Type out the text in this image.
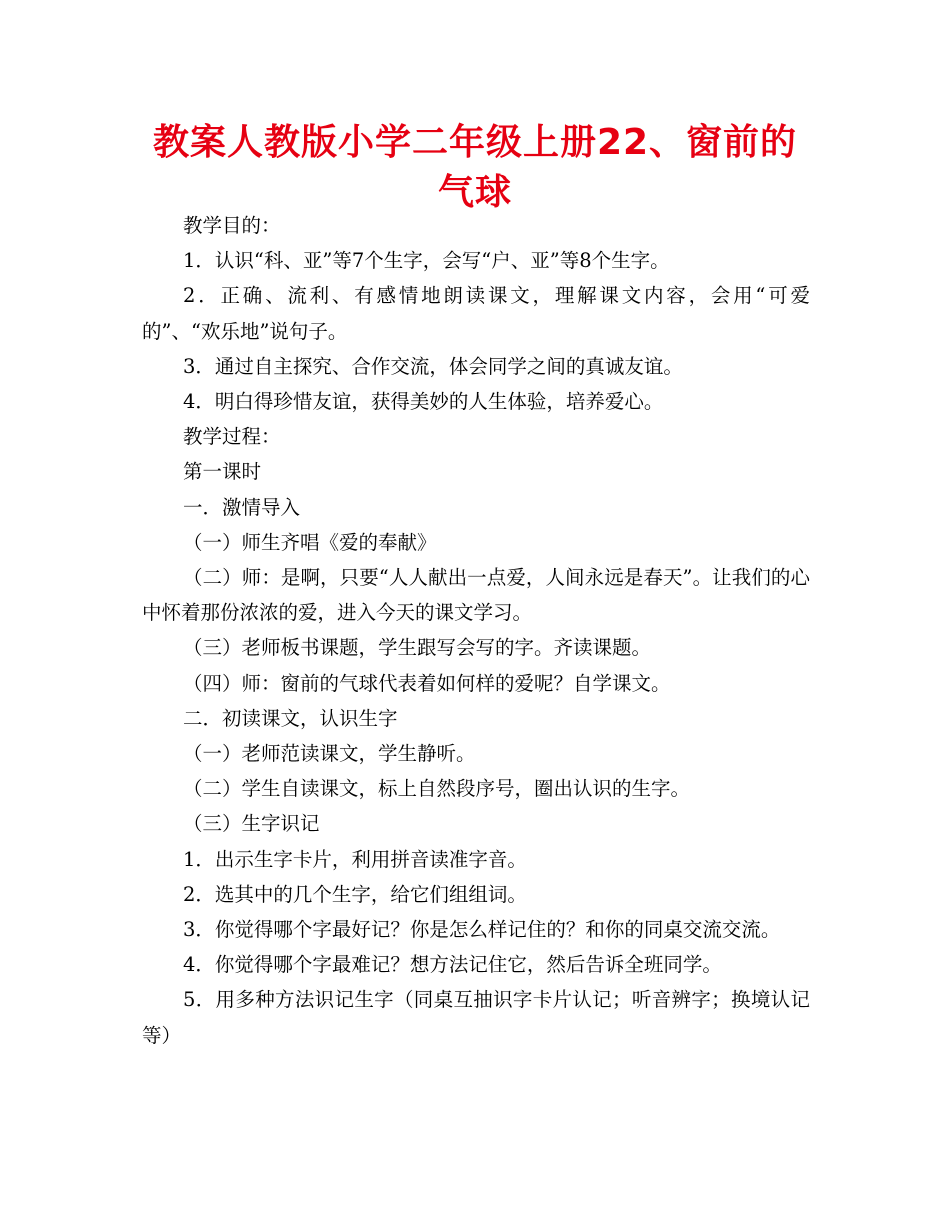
教案人教版小学二年级上册22、窗前的气球

教学目的：

1．认识“科、亚”等7个生字，会写“户、亚”等8个生字。

2．正确、流利、有感情地朗读课文，理解课文内容，会用“可爱的”、“欢乐地”说句子。

3．通过自主探究、合作交流，体会同学之间的真诚友谊。

4．明白得珍惜友谊，获得美妙的人生体验，培养爱心。

教学过程：

第一课时

一．激情导入

（一）师生齐唱《爱的奉献》

（二）师：是啊，只要“人人献出一点爱，人间永远是春天”。让我们的心中怀着那份浓浓的爱，进入今天的课文学习。

（三）老师板书课题，学生跟写会写的字。齐读课题。

（四）师：窗前的气球代表着如何样的爱呢？自学课文。

二．初读课文，认识生字

（一）老师范读课文，学生静听。

（二）学生自读课文，标上自然段序号，圈出认识的生字。

（三）生字识记

1．出示生字卡片，利用拼音读准字音。

2．选其中的几个生字，给它们组组词。

3．你觉得哪个字最好记？你是怎么样记住的？和你的同桌交流交流。

4．你觉得哪个字最难记？想方法记住它，然后告诉全班同学。

5．用多种方法识记生字（同桌互抽识字卡片认记；听音辨字；换境认记等）
